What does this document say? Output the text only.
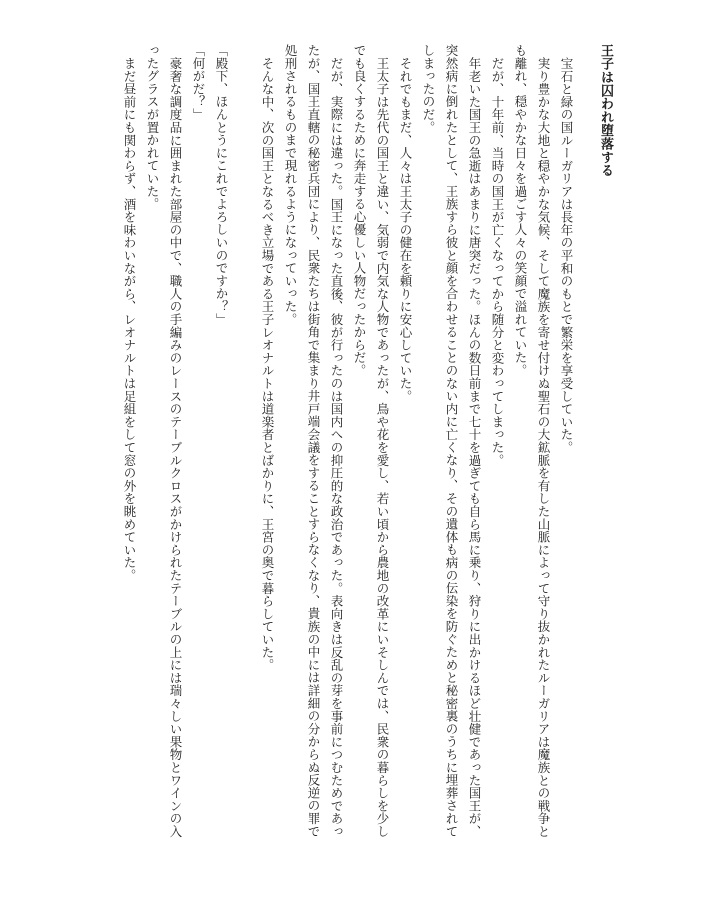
王子は囚われ堕落する

宝石と緑の国ルーガリアは長年の平和のもとで繁栄を享受していた。

実り豊かな大地と穏やかな気候、そして魔族を寄せ付けぬ聖石の大鉱脈を有した山脈によって守り抜かれたルーガリアは魔族との戦争とも離れ、穏やかな日々を過ごす人々の笑顔で溢れていた。

だが、十年前、当時の国王が亡くなってから随分と変わってしまった。

年老いた国王の急逝はあまりに唐突だった。ほんの数日前まで七十を過ぎても自ら馬に乗り、狩りに出かけるほど壮健であった国王が、突然病に倒れたとして、王族すら彼と顔を合わせることのない内に亡くなり、その遺体も病の伝染を防ぐためと秘密裏のうちに埋葬されてしまったのだ。

それでもまだ、人々は王太子の健在を頼りに安心していた。

王太子は先代の国王と違い、気弱で内気な人物であったが、鳥や花を愛し、若い頃から農地の改革にいそしんでは、民衆の暮らしを少しでも良くするために奔走する心優しい人物だったからだ。

だが、実際には違った。国王になった直後、彼が行ったのは国内への抑圧的な政治であった。表向きは反乱の芽を事前につむためであったが、国王直轄の秘密兵団により、民衆たちは街角で集まり井戸端会議をすることすらなくなり、貴族の中には詳細の分からぬ反逆の罪で処刑されるものまで現れるようになっていった。

そんな中、次の国王となるべき立場である王子レオナルトは道楽者とばかりに、王宮の奥で暮らしていた。

「殿下、ほんとうにこれでよろしいのですか？」

「何がだ？」

豪奢な調度品に囲まれた部屋の中で、職人の手編みのレースのテーブルクロスがかけられたテーブルの上には瑞々しい果物とワインの入ったグラスが置かれていた。

まだ昼前にも関わらず、酒を味わいながら、レオナルトは足組をして窓の外を眺めていた。
